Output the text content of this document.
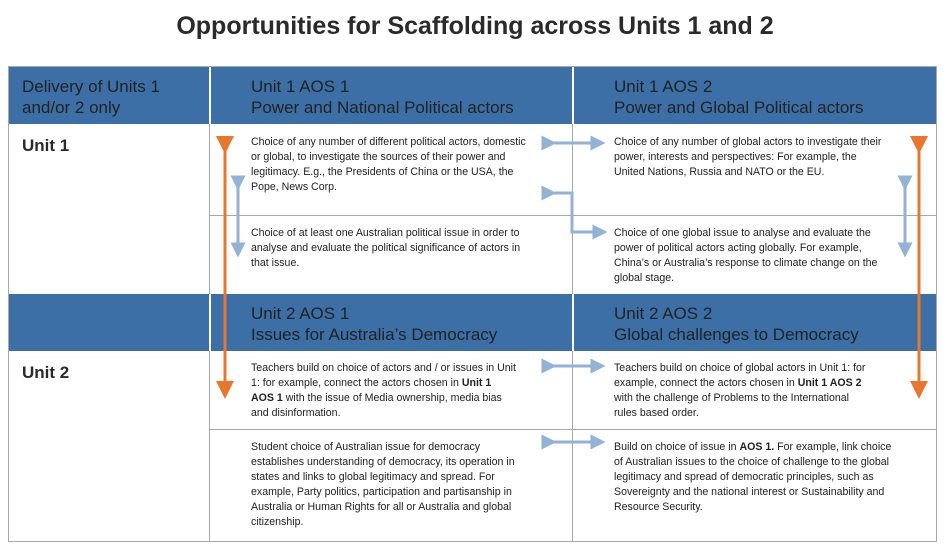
Opportunities for Scaffolding across Units 1 and 2
Delivery of Units 1
and/or 2 only
Unit 1 AOS 1
Power and National Political actors
Unit 1 AOS 2
Power and Global Political actors
Unit 2 AOS 1
Issues for Australia’s Democracy
Unit 2 AOS 2
Global challenges to Democracy
Unit 1
Unit 2
Choice of any number of different political actors, domestic or global, to investigate the sources of their power and legitimacy. E.g., the Presidents of China or the USA, the Pope, News Corp.
Choice of at least one Australian political issue in order to analyse and evaluate the political significance of actors in that issue.
Choice of any number of global actors to investigate their power, interests and perspectives: For example, the United Nations, Russia and NATO or the EU.
Choice of one global issue to analyse and evaluate the power of political actors acting globally. For example, China’s or Australia’s response to climate change on the global stage.
Teachers build on choice of actors and / or issues in Unit 1: for example, connect the actors chosen in Unit 1 AOS 1 with the issue of Media ownership, media bias and disinformation.
Student choice of Australian issue for democracy establishes understanding of democracy, its operation in states and links to global legitimacy and spread. For example, Party politics, participation and partisanship in Australia or Human Rights for all or Australia and global citizenship.
Teachers build on choice of global actors in Unit 1: for example, connect the actors chosen in Unit 1 AOS 2 with the challenge of Problems to the International rules based order.
Build on choice of issue in AOS 1. For example, link choice of Australian issues to the choice of challenge to the global legitimacy and spread of democratic principles, such as Sovereignty and the national interest or Sustainability and Resource Security.
